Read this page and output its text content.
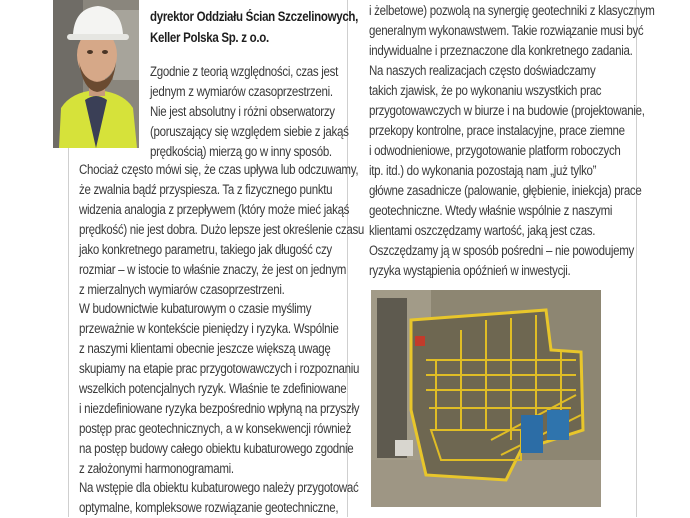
dyrektor Oddziału Ścian Szczelinowych,
Keller Polska Sp. z o.o.
Zgodnie z teorią względności, czas jest
jednym z wymiarów czasoprzestrzeni.
Nie jest absolutny i różni obserwatorzy
(poruszający się względem siebie z jakąś
prędkością) mierzą go w inny sposób.
Chociaż często mówi się, że czas upływa lub odczuwamy,
że zwalnia bądź przyspiesza. Ta z fizycznego punktu
widzenia analogia z przepływem (który może mieć jakąś
prędkość) nie jest dobra. Dużo lepsze jest określenie czasu
jako konkretnego parametru, takiego jak długość czy
rozmiar – w istocie to właśnie znaczy, że jest on jednym
z mierzalnych wymiarów czasoprzestrzeni.
W budownictwie kubaturowym o czasie myślimy
przeważnie w kontekście pieniędzy i ryzyka. Wspólnie
z naszymi klientami obecnie jeszcze większą uwagę
skupiamy na etapie prac przygotowawczych i rozpoznaniu
wszelkich potencjalnych ryzyk. Właśnie te zdefiniowane
i niezdefiniowane ryzyka bezpośrednio wpłyną na przyszły
postęp prac geotechnicznych, a w konsekwencji również
na postęp budowy całego obiektu kubaturowego zgodnie
z założonymi harmonogramami.
Na wstępie dla obiektu kubaturowego należy przygotować
optymalne, kompleksowe rozwiązanie geotechniczne,
i żelbetowe) pozwolą na synergię geotechniki z klasycznym
generalnym wykonawstwem. Takie rozwiązanie musi być
indywidualne i przeznaczone dla konkretnego zadania.
Na naszych realizacjach często doświadczamy
takich zjawisk, że po wykonaniu wszystkich prac
przygotowawczych w biurze i na budowie (projektowanie,
przekopy kontrolne, prace instalacyjne, prace ziemne
i odwodnieniowe, przygotowanie platform roboczych
itp. itd.) do wykonania pozostają nam „już tylko”
główne zasadnicze (palowanie, głębienie, iniekcja) prace
geotechniczne. Wtedy właśnie wspólnie z naszymi
klientami oszczędzamy wartość, jaką jest czas.
Oszczędzamy ją w sposób pośredni – nie powodujemy
ryzyka wystąpienia opóźnień w inwestycji.
